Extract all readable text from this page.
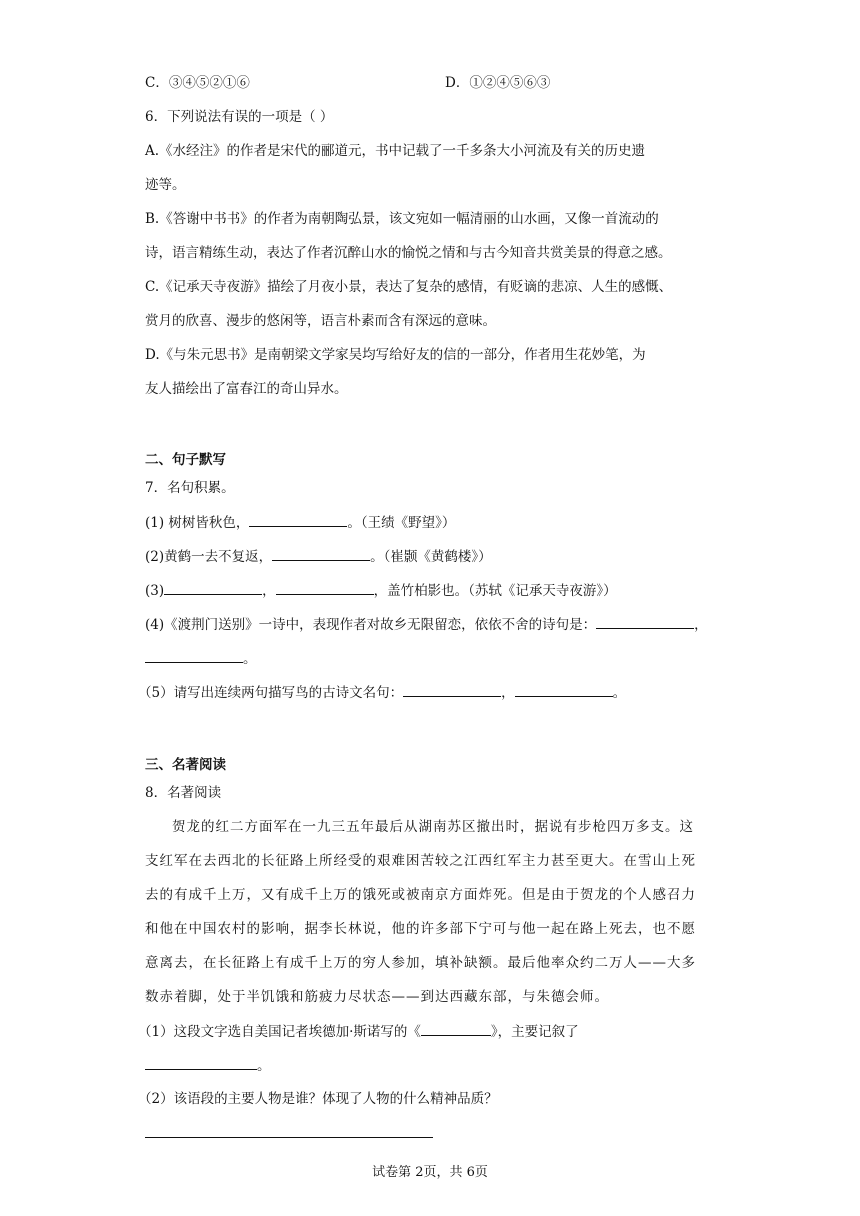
C．③④⑤②①⑥	D．①②④⑤⑥③
6．下列说法有误的一项是（ ）
A.《水经注》的作者是宋代的郦道元，书中记载了一千多条大小河流及有关的历史遗
迹等。
B.《答谢中书书》的作者为南朝陶弘景，该文宛如一幅清丽的山水画，又像一首流动的
诗，语言精练生动，表达了作者沉醉山水的愉悦之情和与古今知音共赏美景的得意之感。
C.《记承天寺夜游》描绘了月夜小景，表达了复杂的感情，有贬谪的悲凉、人生的感慨、
赏月的欣喜、漫步的悠闲等，语言朴素而含有深远的意味。
D.《与朱元思书》是南朝梁文学家吴均写给好友的信的一部分，作者用生花妙笔，为
友人描绘出了富春江的奇山异水。
二、句子默写
7．名句积累。
(1) 树树皆秋色，	。（王绩《野望》）
(2)黄鹤一去不复返，	。（崔颢《黄鹤楼》）
(3)	，	，盖竹柏影也。（苏轼《记承天寺夜游》）
(4)《渡荆门送别》一诗中，表现作者对故乡无限留恋，依依不舍的诗句是：	，
。
（5）请写出连续两句描写鸟的古诗文名句：	，	。
三、名著阅读
8．名著阅读
贺龙的红二方面军在一九三五年最后从湖南苏区撤出时，据说有步枪四万多支。这
支红军在去西北的长征路上所经受的艰难困苦较之江西红军主力甚至更大。在雪山上死
去的有成千上万，又有成千上万的饿死或被南京方面炸死。但是由于贺龙的个人感召力
和他在中国农村的影响，据李长林说，他的许多部下宁可与他一起在路上死去，也不愿
意离去，在长征路上有成千上万的穷人参加，填补缺额。最后他率众约二万人——大多
数赤着脚，处于半饥饿和筋疲力尽状态——到达西藏东部，与朱德会师。
（1）这段文字选自美国记者埃德加·斯诺写的《	》，主要记叙了
。
（2）该语段的主要人物是谁？体现了人物的什么精神品质？
试卷第 2页，共 6页
